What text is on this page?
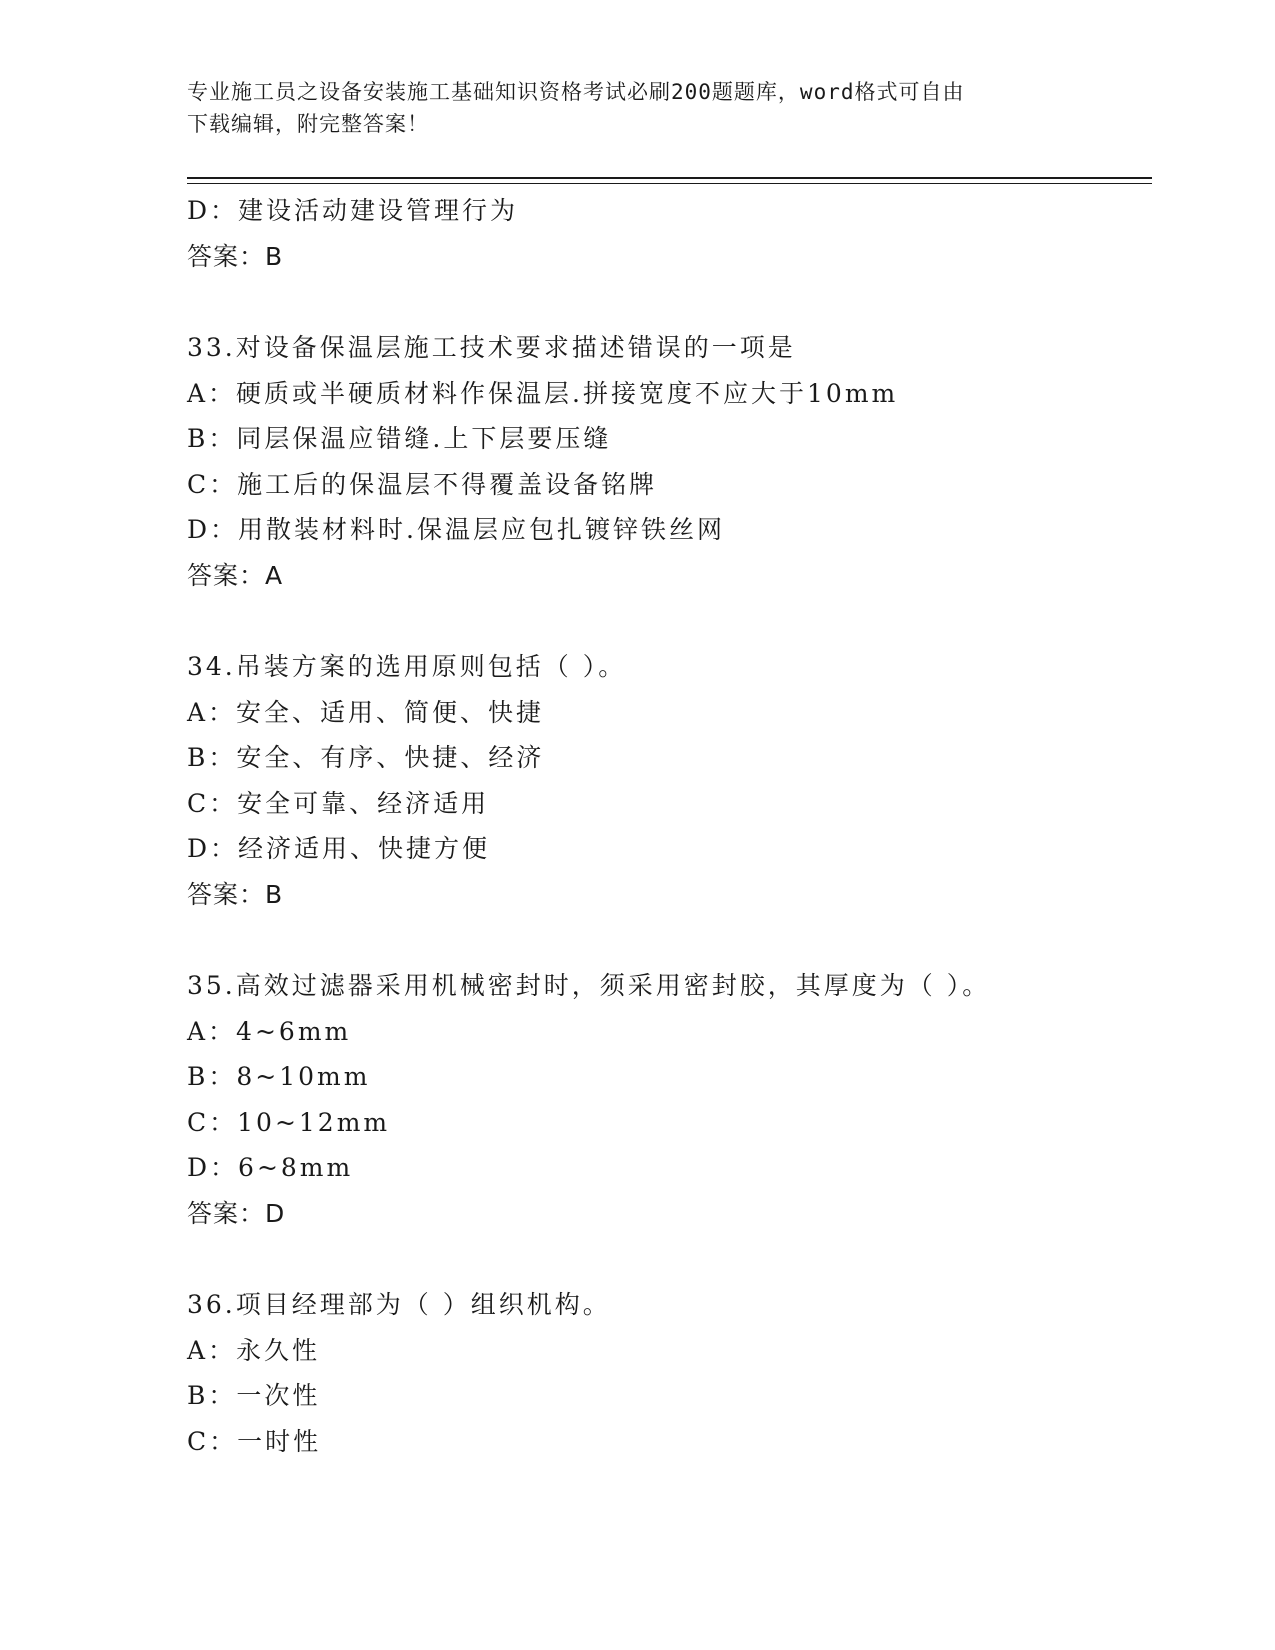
专业施工员之设备安装施工基础知识资格考试必刷200题题库，word格式可自由
下载编辑，附完整答案！
D：建设活动建设管理行为
答案：B
33.对设备保温层施工技术要求描述错误的一项是
A：硬质或半硬质材料作保温层.拼接宽度不应大于10mm
B：同层保温应错缝.上下层要压缝
C：施工后的保温层不得覆盖设备铭牌
D：用散装材料时.保温层应包扎镀锌铁丝网
答案：A
34.吊装方案的选用原则包括（ ）。
A：安全、适用、简便、快捷
B：安全、有序、快捷、经济
C：安全可靠、经济适用
D：经济适用、快捷方便
答案：B
35.高效过滤器采用机械密封时，须采用密封胶，其厚度为（ ）。
A：4~6mm
B：8~10mm
C：10~12mm
D：6~8mm
答案：D
36.项目经理部为（ ）组织机构。
A：永久性
B：一次性
C：一时性
